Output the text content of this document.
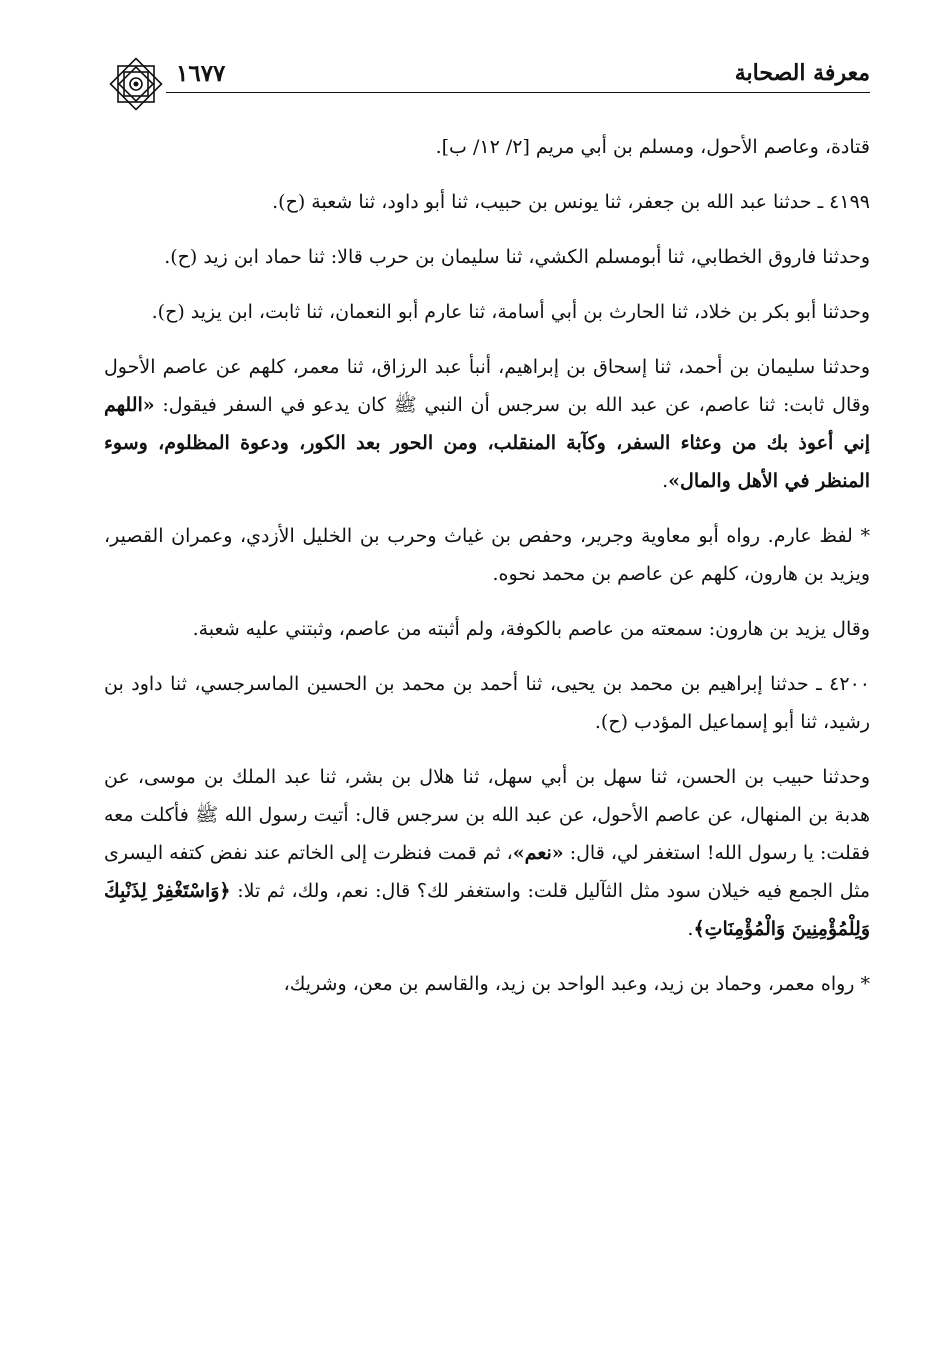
١٦٧٧	معرفة الصحابة

قتادة، وعاصم الأحول، ومسلم بن أبي مريم [٢/ ١٢/ ب].

٤١٩٩ ـ حدثنا عبد الله بن جعفر، ثنا يونس بن حبيب، ثنا أبو داود، ثنا شعبة (ح).

وحدثنا فاروق الخطابي، ثنا أبومسلم الكشي، ثنا سليمان بن حرب قالا: ثنا حماد ابن زيد (ح).

وحدثنا أبو بكر بن خلاد، ثنا الحارث بن أبي أسامة، ثنا عارم أبو النعمان، ثنا ثابت، ابن يزيد (ح).

وحدثنا سليمان بن أحمد، ثنا إسحاق بن إبراهيم، أنبأ عبد الرزاق، ثنا معمر، كلهم عن عاصم الأحول وقال ثابت: ثنا عاصم، عن عبد الله بن سرجس أن النبي ﷺ كان يدعو في السفر فيقول: «اللهم إني أعوذ بك من وعثاء السفر، وكآبة المنقلب، ومن الحور بعد الكور، ودعوة المظلوم، وسوء المنظر في الأهل والمال».

* لفظ عارم. رواه أبو معاوية وجرير، وحفص بن غياث وحرب بن الخليل الأزدي، وعمران القصير، ويزيد بن هارون، كلهم عن عاصم بن محمد نحوه.

وقال يزيد بن هارون: سمعته من عاصم بالكوفة، ولم أثبته من عاصم، وثبتني عليه شعبة.

٤٢٠٠ ـ حدثنا إبراهيم بن محمد بن يحيى، ثنا أحمد بن محمد بن الحسين الماسرجسي، ثنا داود بن رشيد، ثنا أبو إسماعيل المؤدب (ح).

وحدثنا حبيب بن الحسن، ثنا سهل بن أبي سهل، ثنا هلال بن بشر، ثنا عبد الملك بن موسى، عن هدبة بن المنهال، عن عاصم الأحول، عن عبد الله بن سرجس قال: أتيت رسول الله ﷺ فأكلت معه فقلت: يا رسول الله! استغفر لي، قال: «نعم»، ثم قمت فنظرت إلى الخاتم عند نفض كتفه اليسرى مثل الجمع فيه خيلان سود مثل الثآليل قلت: واستغفر لك؟ قال: نعم، ولك، ثم تلا: ﴿وَاسْتَغْفِرْ لِذَنْبِكَ وَلِلْمُؤْمِنِينَ وَالْمُؤْمِنَاتِ﴾.

* رواه معمر، وحماد بن زيد، وعبد الواحد بن زيد، والقاسم بن معن، وشريك،
